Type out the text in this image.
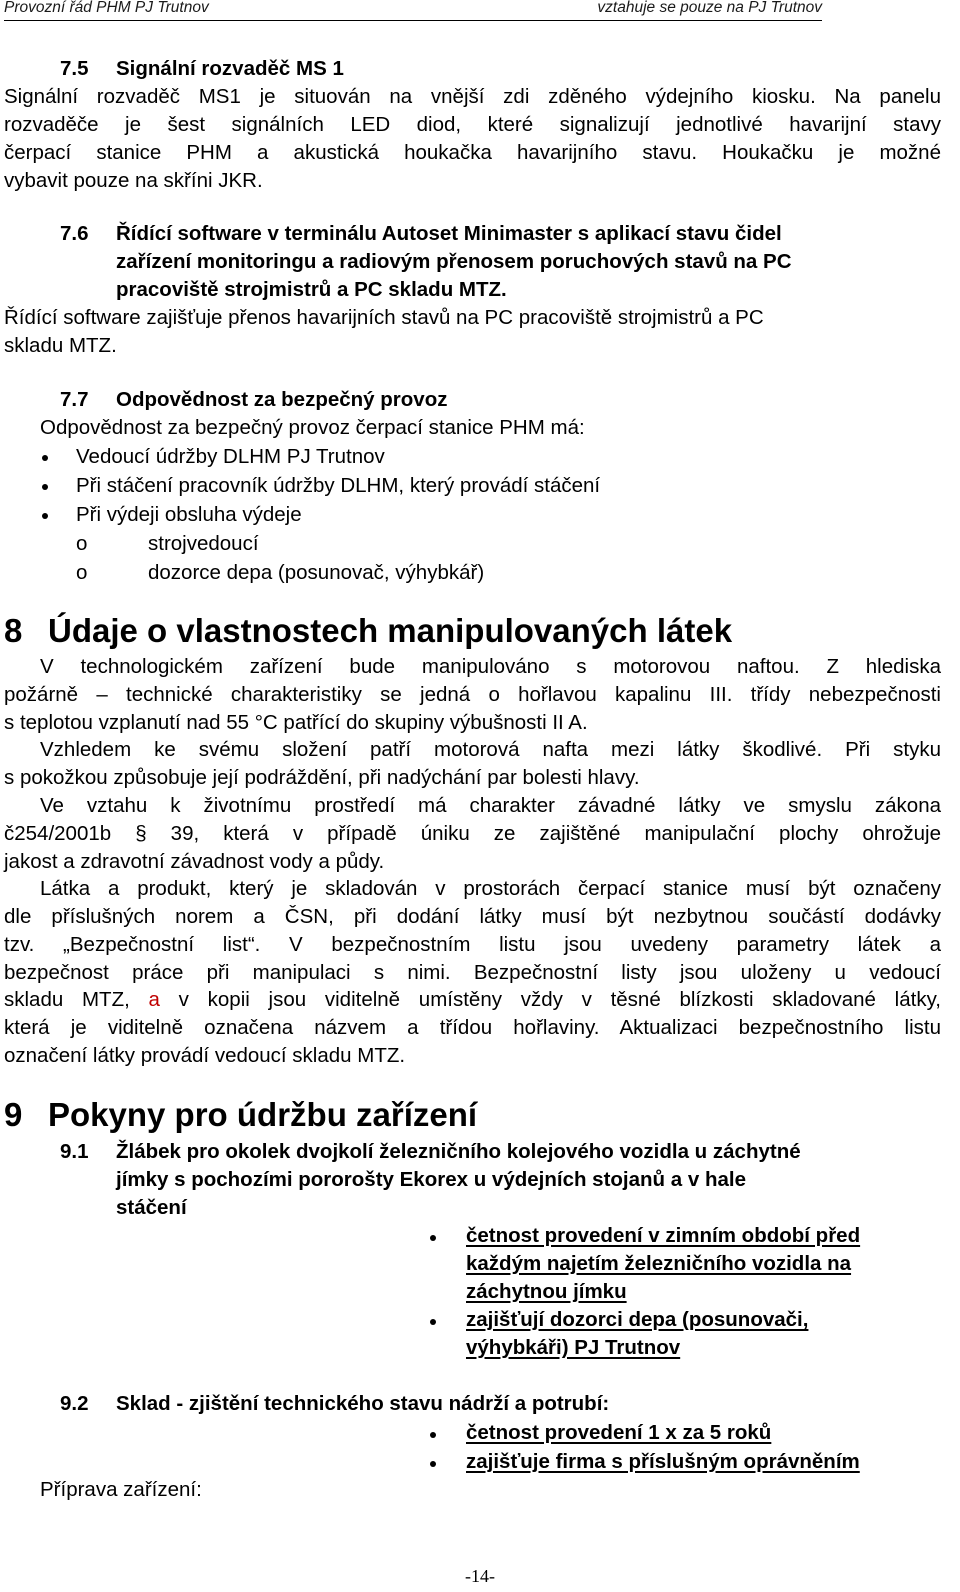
Provozní řád PHM PJ Trutnov	vztahuje se pouze na PJ Trutnov
7.5 Signální rozvaděč MS 1
Signální rozvaděč MS1 je situován na vnější zdi zděného výdejního kiosku. Na panelu
rozvaděče je šest signálních LED diod, které signalizují jednotlivé havarijní stavy
čerpací stanice PHM a akustická houkačka havarijního stavu. Houkačku je možné
vybavit pouze na skříni JKR.
7.6 Řídící software v terminálu Autoset Minimaster s aplikací stavu čidel
zařízení monitoringu a radiovým přenosem poruchových stavů na PC
pracoviště strojmistrů a PC skladu MTZ.
Řídící software zajišťuje přenos havarijních stavů na PC pracoviště strojmistrů a PC
skladu MTZ.
7.7 Odpovědnost za bezpečný provoz
Odpovědnost za bezpečný provoz čerpací stanice PHM má:
Vedoucí údržby DLHM PJ Trutnov
Při stáčení pracovník údržby DLHM, který provádí stáčení
Při výdeji obsluha výdeje
o	strojvedoucí
o	dozorce depa (posunovač, výhybkář)
8 Údaje o vlastnostech manipulovaných látek
V technologickém zařízení bude manipulováno s motorovou naftou. Z hlediska
požárně – technické charakteristiky se jedná o hořlavou kapalinu III. třídy nebezpečnosti
s teplotou vzplanutí nad 55 °C patřící do skupiny výbušnosti II A.
Vzhledem ke svému složení patří motorová nafta mezi látky škodlivé. Při styku
s pokožkou způsobuje její podráždění, při nadýchání par bolesti hlavy.
Ve vztahu k životnímu prostředí má charakter závadné látky ve smyslu zákona
č254/2001b § 39, která v případě úniku ze zajištěné manipulační plochy ohrožuje
jakost a zdravotní závadnost vody a půdy.
Látka a produkt, který je skladován v prostorách čerpací stanice musí být označeny
dle příslušných norem a ČSN, při dodání látky musí být nezbytnou součástí dodávky
tzv. „Bezpečnostní list“. V bezpečnostním listu jsou uvedeny parametry látek a
bezpečnost práce při manipulaci s nimi. Bezpečnostní listy jsou uloženy u vedoucí
skladu MTZ, a v kopii jsou viditelně umístěny vždy v těsné blízkosti skladované látky,
která je viditelně označena názvem a třídou hořlaviny. Aktualizaci bezpečnostního listu
označení látky provádí vedoucí skladu MTZ.
9 Pokyny pro údržbu zařízení
9.1 Žlábek pro okolek dvojkolí železničního kolejového vozidla u záchytné
jímky s pochozími pororošty Ekorex u výdejních stojanů a v hale
stáčení
četnost provedení v zimním období před
každým najetím železničního vozidla na
záchytnou jímku
zajišťují dozorci depa (posunovači,
výhybkáři) PJ Trutnov
9.2 Sklad - zjištění technického stavu nádrží a potrubí:
četnost provedení 1 x za 5 roků
zajišťuje firma s příslušným oprávněním
Příprava zařízení:
-14-
